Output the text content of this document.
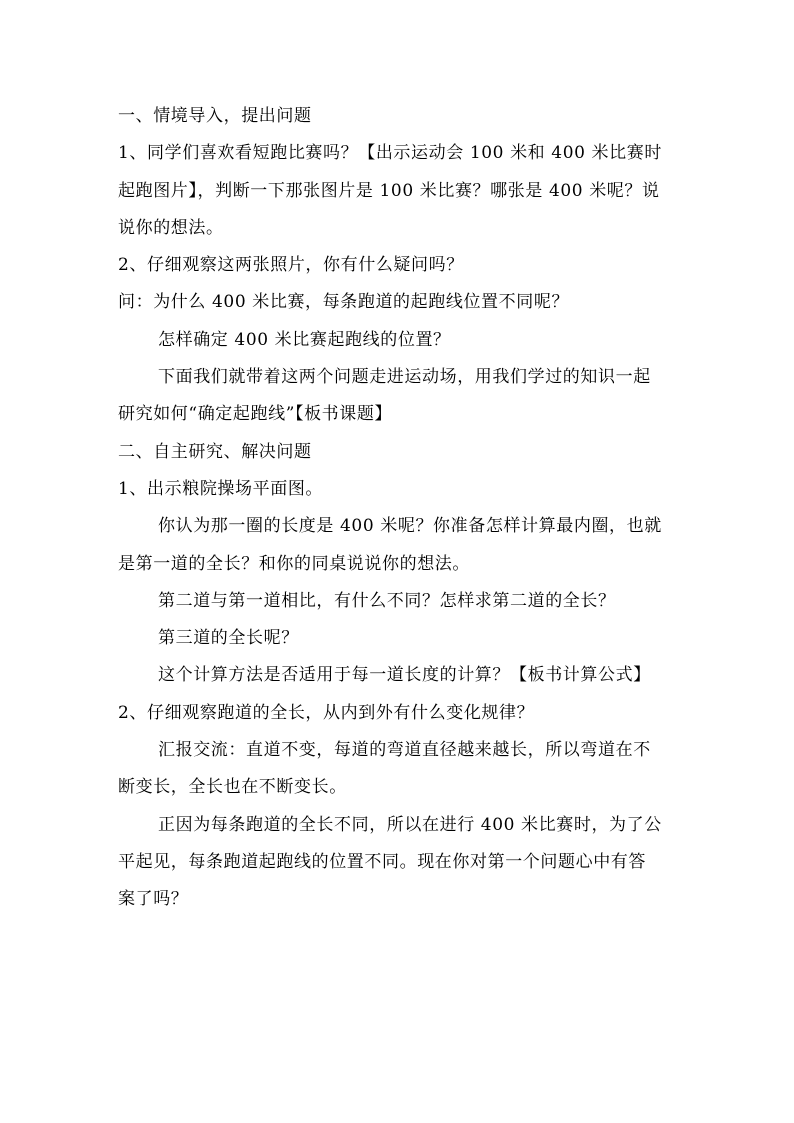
一、情境导入，提出问题
1、同学们喜欢看短跑比赛吗？【出示运动会 100 米和 400 米比赛时
起跑图片】，判断一下那张图片是 100 米比赛？哪张是 400 米呢？说
说你的想法。
2、仔细观察这两张照片，你有什么疑问吗？
问：为什么 400 米比赛，每条跑道的起跑线位置不同呢？
怎样确定 400 米比赛起跑线的位置？
下面我们就带着这两个问题走进运动场，用我们学过的知识一起
研究如何“确定起跑线”【板书课题】
二、自主研究、解决问题
1、出示粮院操场平面图。
你认为那一圈的长度是 400 米呢？你准备怎样计算最内圈，也就
是第一道的全长？和你的同桌说说你的想法。
第二道与第一道相比，有什么不同？怎样求第二道的全长？
第三道的全长呢？
这个计算方法是否适用于每一道长度的计算？【板书计算公式】
2、仔细观察跑道的全长，从内到外有什么变化规律？
汇报交流：直道不变，每道的弯道直径越来越长，所以弯道在不
断变长，全长也在不断变长。
正因为每条跑道的全长不同，所以在进行 400 米比赛时，为了公
平起见，每条跑道起跑线的位置不同。现在你对第一个问题心中有答
案了吗？
